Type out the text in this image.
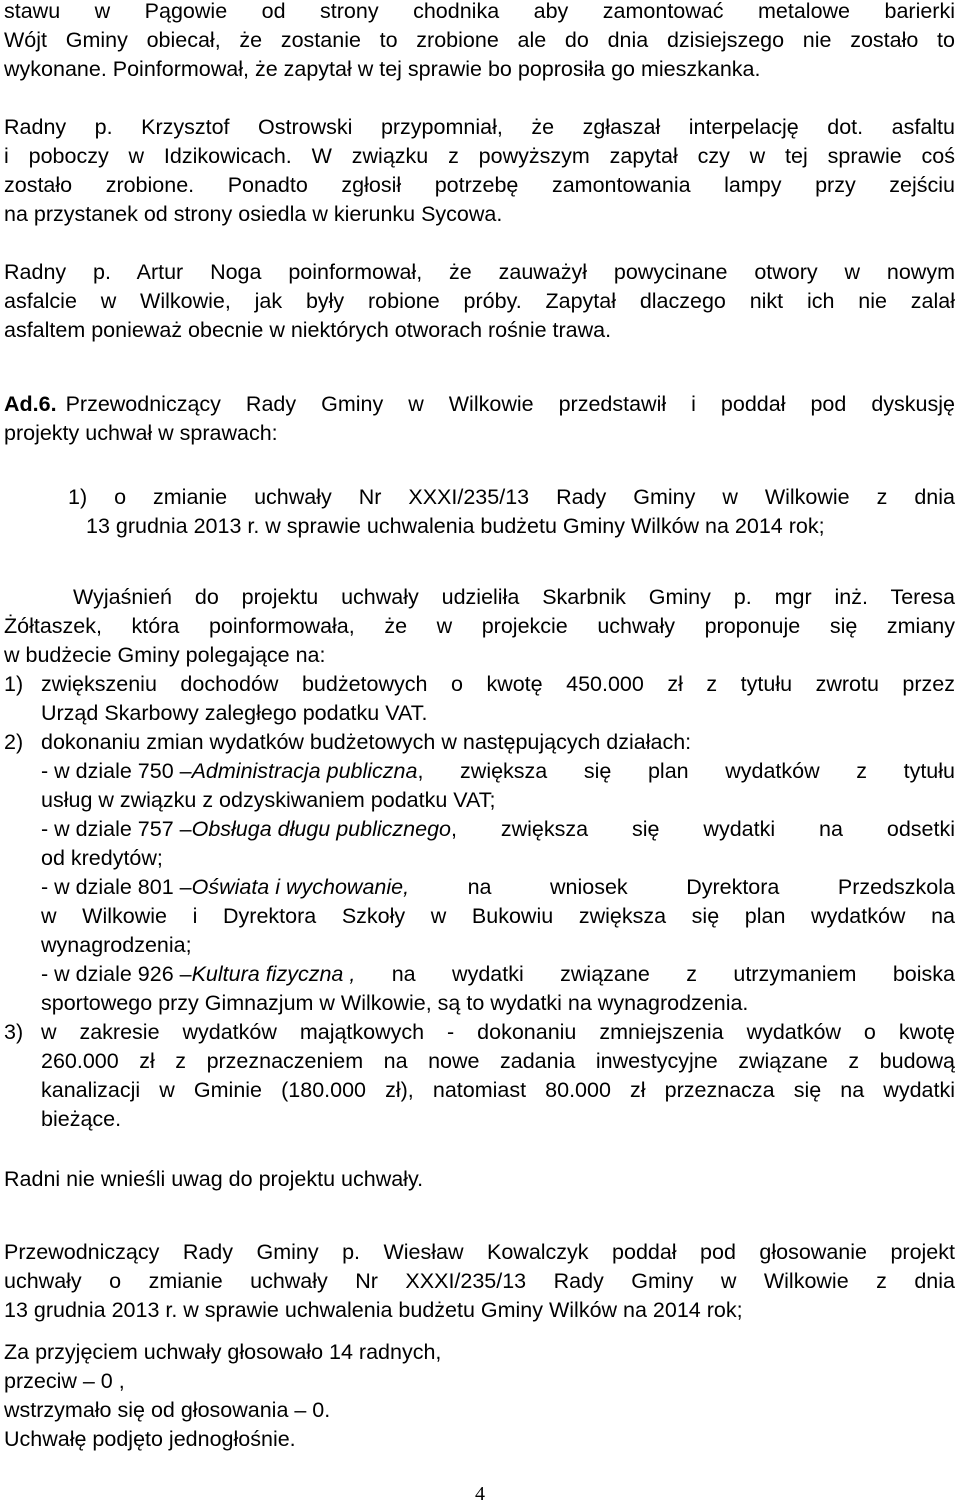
stawu w Pągowie od strony chodnika aby zamontować metalowe barierki
Wójt Gminy obiecał, że zostanie to zrobione ale do dnia dzisiejszego nie zostało to
wykonane. Poinformował, że zapytał w tej sprawie bo poprosiła go mieszkanka.
Radny p. Krzysztof Ostrowski przypomniał, że zgłaszał interpelację dot. asfaltu
i poboczy w Idzikowicach. W związku z powyższym zapytał czy w tej sprawie coś
zostało zrobione. Ponadto zgłosił potrzebę zamontowania lampy przy zejściu
na przystanek od strony osiedla w kierunku Sycowa.
Radny p. Artur Noga poinformował, że zauważył powycinane otwory w nowym
asfalcie w Wilkowie, jak były robione próby. Zapytał dlaczego nikt ich nie zalał
asfaltem ponieważ obecnie w niektórych otworach rośnie trawa.
Ad.6. Przewodniczący Rady Gminy w Wilkowie przedstawił i poddał pod dyskusję
projekty uchwał w sprawach:
1) o zmianie uchwały Nr XXXI/235/13 Rady Gminy w Wilkowie z dnia
13 grudnia 2013 r. w sprawie uchwalenia budżetu Gminy Wilków na 2014 rok;
Wyjaśnień do projektu uchwały udzieliła Skarbnik Gminy p. mgr inż. Teresa
Żółtaszek, która poinformowała, że w projekcie uchwały proponuje się zmiany
w budżecie Gminy polegające na:
1) zwiększeniu dochodów budżetowych o kwotę 450.000 zł z tytułu zwrotu przez
Urząd Skarbowy zaległego podatku VAT.
2) dokonaniu zmian wydatków budżetowych w następujących działach:
- w dziale 750 – Administracja publiczna , zwiększa się plan wydatków z tytułu
usług w związku z odzyskiwaniem podatku VAT;
- w dziale 757 – Obsługa długu publicznego , zwiększa się wydatki na odsetki
od kredytów;
- w dziale 801 – Oświata i wychowanie, na wniosek Dyrektora Przedszkola
w Wilkowie i Dyrektora Szkoły w Bukowiu zwiększa się plan wydatków na
wynagrodzenia;
- w dziale 926 – Kultura fizyczna , na wydatki związane z utrzymaniem boiska
sportowego przy Gimnazjum w Wilkowie, są to wydatki na wynagrodzenia.
3) w zakresie wydatków majątkowych - dokonaniu zmniejszenia wydatków o kwotę
260.000 zł z przeznaczeniem na nowe zadania inwestycyjne związane z budową
kanalizacji w Gminie (180.000 zł), natomiast 80.000 zł przeznacza się na wydatki
bieżące.
Radni nie wnieśli uwag do projektu uchwały.
Przewodniczący Rady Gminy p. Wiesław Kowalczyk poddał pod głosowanie projekt
uchwały o zmianie uchwały Nr XXXI/235/13 Rady Gminy w Wilkowie z dnia
13 grudnia 2013 r. w sprawie uchwalenia budżetu Gminy Wilków na 2014 rok;
Za przyjęciem uchwały głosowało 14 radnych,
przeciw – 0 ,
wstrzymało się od głosowania – 0.
Uchwałę podjęto jednogłośnie.
4
